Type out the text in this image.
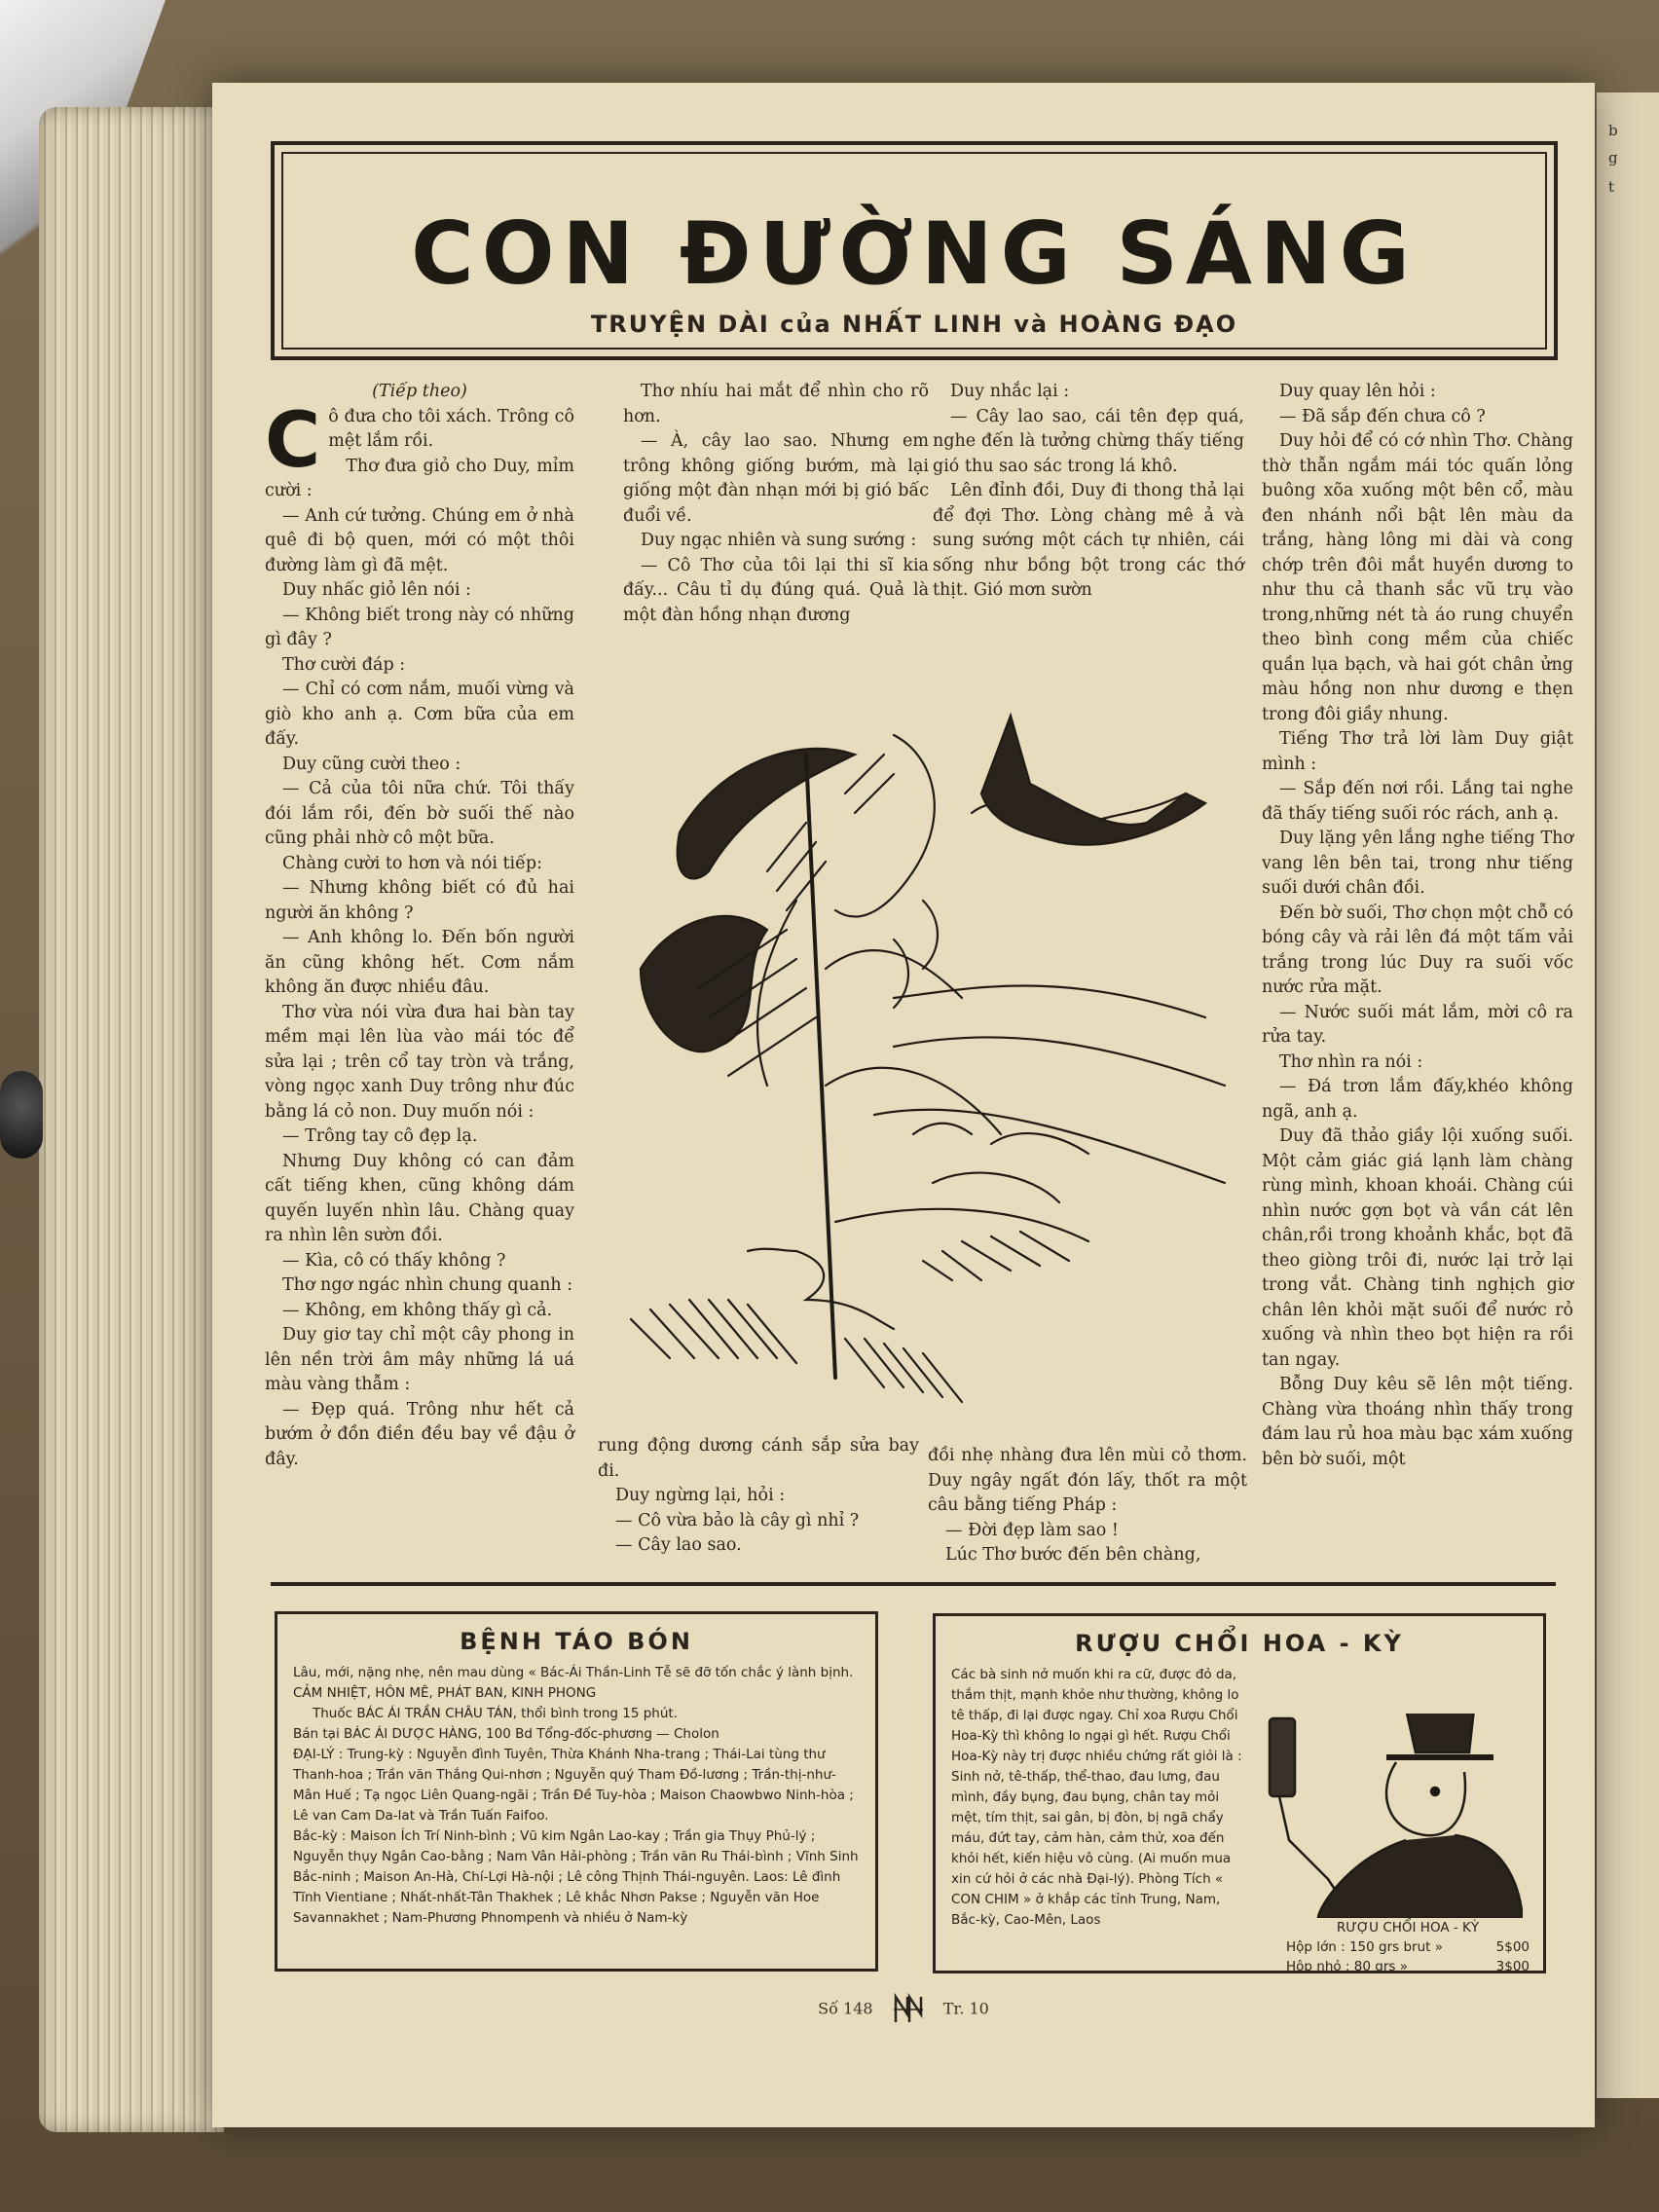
b
g
t
CON ĐƯỜNG SÁNG
TRUYỆN DÀI của NHẤT LINH và HOÀNG ĐẠO

(Tiếp theo)

C ô đưa cho tôi xách. Trông cô mệt lắm rồi.

Thơ đưa giỏ cho Duy, mỉm cười :

— Anh cứ tưởng. Chúng em ở nhà quê đi bộ quen, mới có một thôi đường làm gì đã mệt.

Duy nhấc giỏ lên nói :

— Không biết trong này có những gì đây ?

Thơ cười đáp :

— Chỉ có cơm nắm, muối vừng và giò kho anh ạ. Cơm bữa của em đấy.

Duy cũng cười theo :

— Cả của tôi nữa chứ. Tôi thấy đói lắm rồi, đến bờ suối thế nào cũng phải nhờ cô một bữa.

Chàng cười to hơn và nói tiếp:

— Nhưng không biết có đủ hai người ăn không ?

— Anh không lo. Đến bốn người ăn cũng không hết. Cơm nắm không ăn được nhiều đâu.

Thơ vừa nói vừa đưa hai bàn tay mềm mại lên lùa vào mái tóc để sửa lại ; trên cổ tay tròn và trắng, vòng ngọc xanh Duy trông như đúc bằng lá cỏ non. Duy muốn nói :

— Trông tay cô đẹp lạ.

Nhưng Duy không có can đảm cất tiếng khen, cũng không dám quyến luyến nhìn lâu. Chàng quay ra nhìn lên sườn đồi.

— Kìa, cô có thấy không ?

Thơ ngơ ngác nhìn chung quanh :

— Không, em không thấy gì cả.

Duy giơ tay chỉ một cây phong in lên nền trời âm mây những lá uá màu vàng thẫm :

— Đẹp quá. Trông như hết cả bướm ở đồn điền đều bay về đậu ở đây.

Thơ nhíu hai mắt để nhìn cho rõ hơn.

— À, cây lao sao. Nhưng em trông không giống bướm, mà lại giống một đàn nhạn mới bị gió bấc đuổi về.

Duy ngạc nhiên và sung sướng :

— Cô Thơ của tôi lại thi sĩ kia đấy... Câu tỉ dụ đúng quá. Quả là một đàn hồng nhạn đương

Duy nhắc lại :

— Cây lao sao, cái tên đẹp quá, nghe đến là tưởng chừng thấy tiếng gió thu sao sác trong lá khô.

Lên đỉnh đồi, Duy đi thong thả lại để đợi Thơ. Lòng chàng mê ả và sung sướng một cách tự nhiên, cái sống như bồng bột trong các thớ thịt. Gió mơn sườn

rung động dương cánh sắp sửa bay đi.

Duy ngừng lại, hỏi :

— Cô vừa bảo là cây gì nhỉ ?

— Cây lao sao.

đồi nhẹ nhàng đưa lên mùi cỏ thơm. Duy ngây ngất đón lấy, thốt ra một câu bằng tiếng Pháp :

— Đời đẹp làm sao !

Lúc Thơ bước đến bên chàng,

Duy quay lên hỏi :

— Đã sắp đến chưa cô ?

Duy hỏi để có cớ nhìn Thơ. Chàng thờ thẫn ngắm mái tóc quấn lỏng buông xõa xuống một bên cổ, màu đen nhánh nổi bật lên màu da trắng, hàng lông mi dài và cong chớp trên đôi mắt huyền dương to như thu cả thanh sắc vũ trụ vào trong,những nét tà áo rung chuyển theo bình cong mềm của chiếc quần lụa bạch, và hai gót chân ửng màu hồng non như dương e thẹn trong đôi giầy nhung.

Tiếng Thơ trả lời làm Duy giật mình :

— Sắp đến nơi rồi. Lắng tai nghe đã thấy tiếng suối róc rách, anh ạ.

Duy lặng yên lắng nghe tiếng Thơ vang lên bên tai, trong như tiếng suối dưới chân đồi.

Đến bờ suối, Thơ chọn một chỗ có bóng cây và rải lên đá một tấm vải trắng trong lúc Duy ra suối vốc nước rửa mặt.

— Nước suối mát lắm, mời cô ra rửa tay.

Thơ nhìn ra nói :

— Đá trơn lắm đấy,khéo không ngã, anh ạ.

Duy đã thảo giầy lội xuống suối. Một cảm giác giá lạnh làm chàng rùng mình, khoan khoái. Chàng cúi nhìn nước gợn bọt và vần cát lên chân,rồi trong khoảnh khắc, bọt đã theo giòng trôi đi, nước lại trở lại trong vắt. Chàng tinh nghịch giơ chân lên khỏi mặt suối để nước rỏ xuống và nhìn theo bọt hiện ra rồi tan ngay.

Bỗng Duy kêu sẽ lên một tiếng. Chàng vừa thoáng nhìn thấy trong đám lau rủ hoa màu bạc xám xuống bên bờ suối, một

BỆNH TÁO BÓN
Lâu, mới, nặng nhẹ, nên mau dùng « Bác-Ái Thần-Linh Tễ sẽ đỡ tốn chắc ý lành bịnh. CẢM NHIỆT, HÔN MÊ, PHÁT BAN, KINH PHONG
Thuốc BÁC ÁI TRẦN CHÂU TÁN, thổi bình trong 15 phút.
Bán tại BÁC ÁI DƯỢC HÀNG, 100 Bd Tổng-đốc-phương — Cholon
ĐẠI-LÝ : Trung-kỳ : Nguyễn đình Tuyên, Thừa Khánh Nha-trang ; Thái-Lai tùng thư Thanh-hoa ; Trần văn Thắng Qui-nhơn ; Nguyễn quý Tham Đồ-lương ; Trần-thị-như-Mân Huế ; Tạ ngọc Liên Quang-ngãi ; Trần Đề Tuy-hòa ; Maison Chaowbwo Ninh-hòa ; Lê van Cam Da-lat và Trần Tuấn Faifoo.
Bắc-kỳ : Maison Ích Trí Ninh-bình ; Vũ kim Ngân Lao-kay ; Trần gia Thụy Phủ-lý ; Nguyễn thụy Ngân Cao-bằng ; Nam Vân Hải-phòng ; Trần văn Ru Thái-bình ; Vĩnh Sinh Bắc-ninh ; Maison An-Hà, Chí-Lợi Hà-nội ; Lê công Thịnh Thái-nguyên. Laos: Lê đình Tĩnh Vientiane ; Nhất-nhất-Tân Thakhek ; Lê khắc Nhơn Pakse ; Nguyễn văn Hoe Savannakhet ; Nam-Phương Phnompenh và nhiều ở Nam-kỳ
RƯỢU CHỔI HOA - KỲ
Các bà sinh nở muốn khi ra cữ, được đỏ da, thắm thịt, mạnh khỏe như thường, không lo tê thấp, đi lại được ngay. Chỉ xoa Rượu Chổi Hoa-Kỳ thì không lo ngại gì hết. Rượu Chổi Hoa-Kỳ này trị được nhiều chứng rất giỏi là : Sinh nở, tê-thấp, thể-thao, đau lưng, đau mình, đầy bụng, đau bụng, chân tay mỏi mệt, tím thịt, sai gân, bị đòn, bị ngã chẩy máu, đứt tay, cảm hàn, cảm thử, xoa đến khỏi hết, kiến hiệu vô cùng. (Ai muốn mua xin cứ hỏi ở các nhà Đại-lý). Phòng Tích « CON CHIM » ở khắp các tỉnh Trung, Nam, Bắc-kỳ, Cao-Mên, Laos	RƯỢU CHỔI HOA - KỲ
Hộp lớn : 150 grs brut »	5$00
Hộp nhỏ : 80 grs »	3$00
Số 148	Tr. 10
